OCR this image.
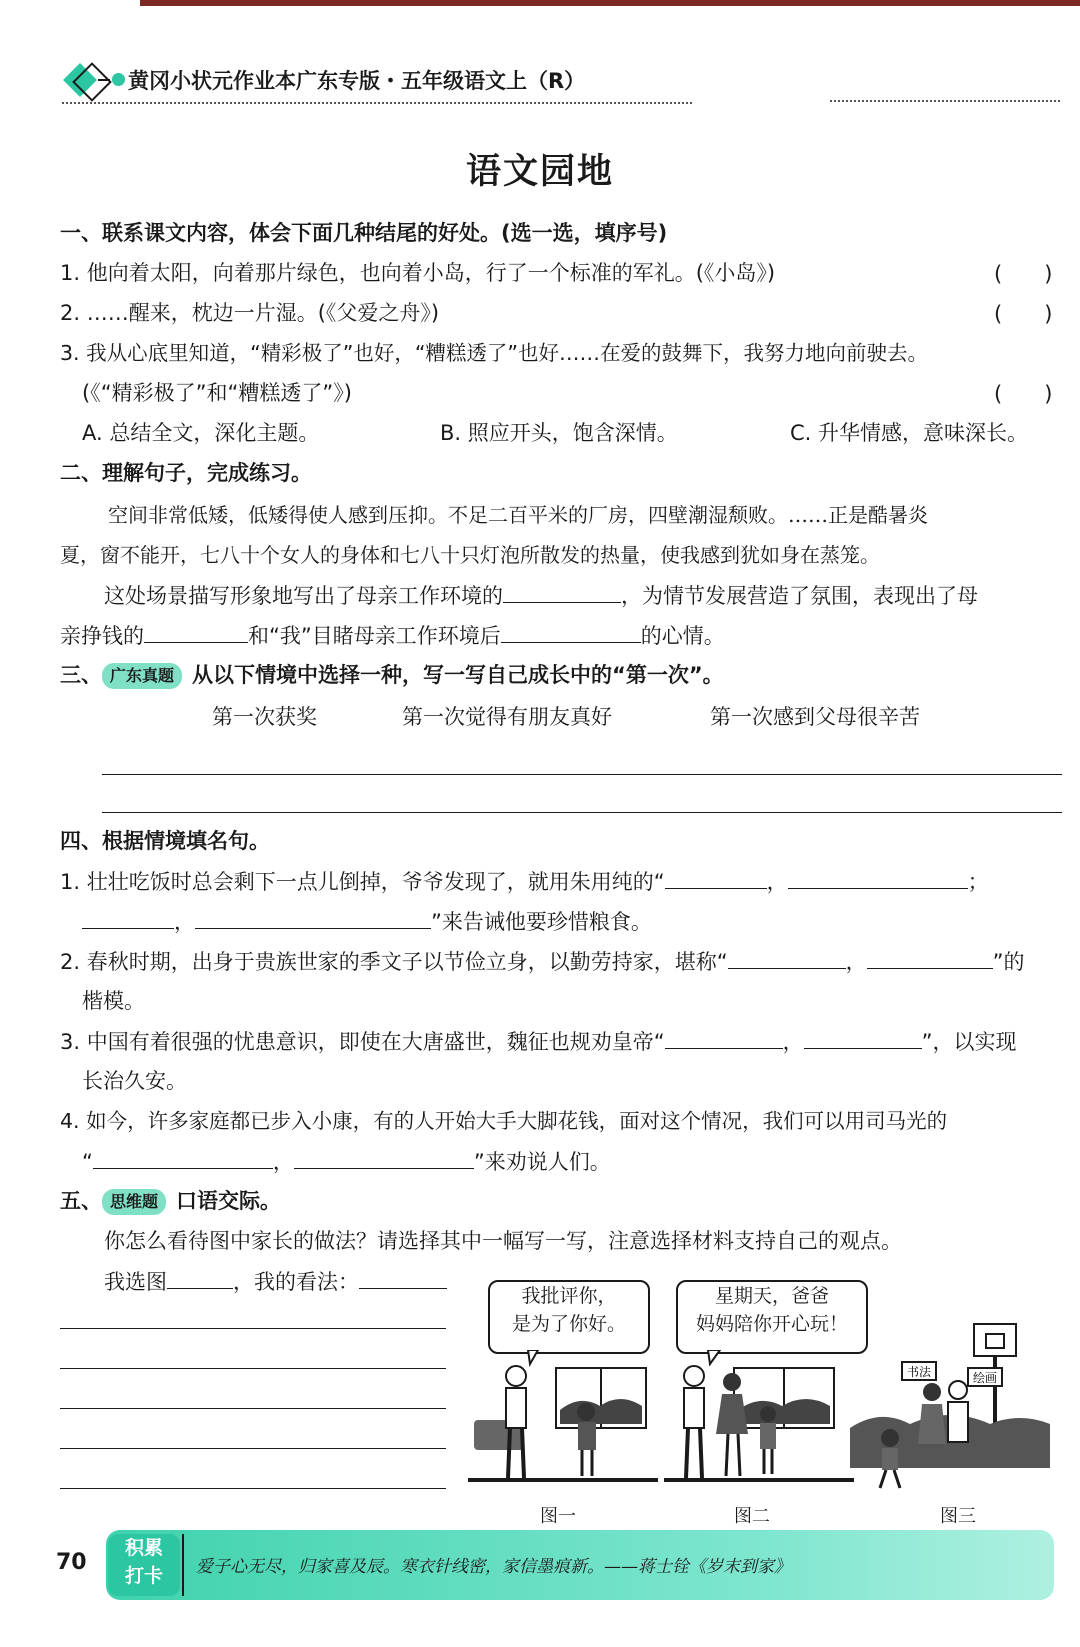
黄冈小状元作业本广东专版・五年级语文上（R）
语文园地
一、联系课文内容，体会下面几种结尾的好处。(选一选，填序号)
1. 他向着太阳，向着那片绿色，也向着小岛，行了一个标准的军礼。(《小岛》)	(　　)
2. ……醒来，枕边一片湿。(《父爱之舟》)	(　　)
3. 我从心底里知道，“精彩极了”也好，“糟糕透了”也好……在爱的鼓舞下，我努力地向前驶去。
(《“精彩极了”和“糟糕透了”》)	(　　)
A. 总结全文，深化主题。	B. 照应开头，饱含深情。	C. 升华情感，意味深长。
二、理解句子，完成练习。
空间非常低矮，低矮得使人感到压抑。不足二百平米的厂房，四壁潮湿颓败。……正是酷暑炎
夏，窗不能开，七八十个女人的身体和七八十只灯泡所散发的热量，使我感到犹如身在蒸笼。
这处场景描写形象地写出了母亲工作环境的	，为情节发展营造了氛围，表现出了母
亲挣钱的	和“我”目睹母亲工作环境后	的心情。
三、 广东真题 从以下情境中选择一种，写一写自己成长中的“第一次”。
第一次获奖	第一次觉得有朋友真好	第一次感到父母很辛苦
四、根据情境填名句。
1. 壮壮吃饭时总会剩下一点儿倒掉，爷爷发现了，就用朱用纯的“	，	；
，	”来告诫他要珍惜粮食。
2. 春秋时期，出身于贵族世家的季文子以节俭立身，以勤劳持家，堪称“	，	”的
楷模。
3. 中国有着很强的忧患意识，即使在大唐盛世，魏征也规劝皇帝“	，	”，以实现
长治久安。
4. 如今，许多家庭都已步入小康，有的人开始大手大脚花钱，面对这个情况，我们可以用司马光的
“	，	”来劝说人们。
五、 思维题 口语交际。
你怎么看待图中家长的做法？请选择其中一幅写一写，注意选择材料支持自己的观点。
我选图	，我的看法：
我批评你，
是为了你好。
图一
星期天，爸爸
妈妈陪你开心玩！
图二
书法	绘画
图三
70
积累
打卡	爱子心无尽，归家喜及辰。寒衣针线密，家信墨痕新。——蒋士铨《岁末到家》
